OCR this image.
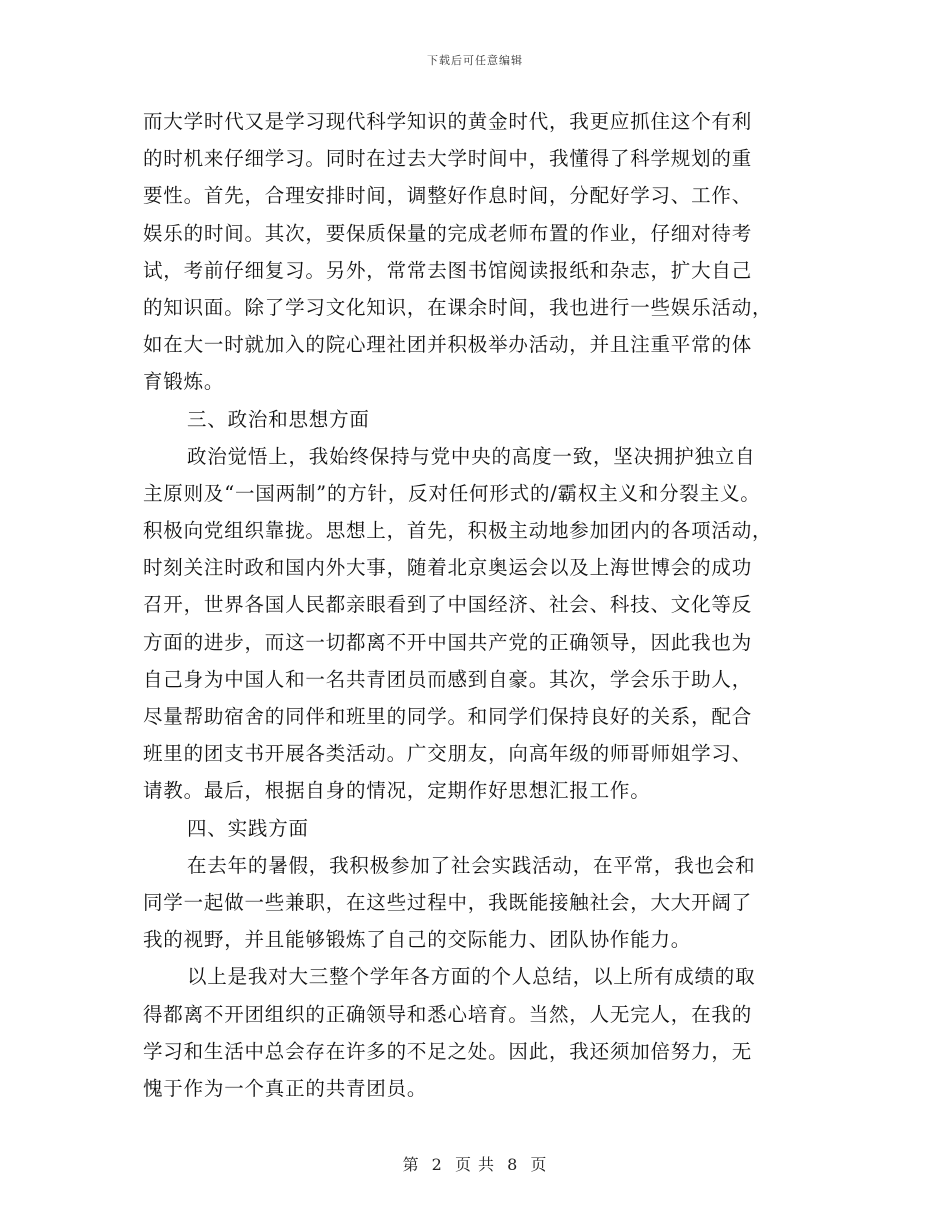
下载后可任意编辑
而大学时代又是学习现代科学知识的黄金时代，我更应抓住这个有利
的时机来仔细学习。同时在过去大学时间中，我懂得了科学规划的重
要性。首先，合理安排时间，调整好作息时间，分配好学习、工作、
娱乐的时间。其次，要保质保量的完成老师布置的作业，仔细对待考
试，考前仔细复习。另外，常常去图书馆阅读报纸和杂志，扩大自己
的知识面。除了学习文化知识，在课余时间，我也进行一些娱乐活动，
如在大一时就加入的院心理社团并积极举办活动，并且注重平常的体
育锻炼。
三、政治和思想方面
政治觉悟上，我始终保持与党中央的高度一致，坚决拥护独立自
主原则及“一国两制”的方针，反对任何形式的/霸权主义和分裂主义。
积极向党组织靠拢。思想上，首先，积极主动地参加团内的各项活动，
时刻关注时政和国内外大事，随着北京奥运会以及上海世博会的成功
召开，世界各国人民都亲眼看到了中国经济、社会、科技、文化等反
方面的进步，而这一切都离不开中国共产党的正确领导，因此我也为
自己身为中国人和一名共青团员而感到自豪。其次，学会乐于助人，
尽量帮助宿舍的同伴和班里的同学。和同学们保持良好的关系，配合
班里的团支书开展各类活动。广交朋友，向高年级的师哥师姐学习、
请教。最后，根据自身的情况，定期作好思想汇报工作。
四、实践方面
在去年的暑假，我积极参加了社会实践活动，在平常，我也会和
同学一起做一些兼职，在这些过程中，我既能接触社会，大大开阔了
我的视野，并且能够锻炼了自己的交际能力、团队协作能力。
以上是我对大三整个学年各方面的个人总结，以上所有成绩的取
得都离不开团组织的正确领导和悉心培育。当然，人无完人，在我的
学习和生活中总会存在许多的不足之处。因此，我还须加倍努力，无
愧于作为一个真正的共青团员。
第 2 页 共 8 页
